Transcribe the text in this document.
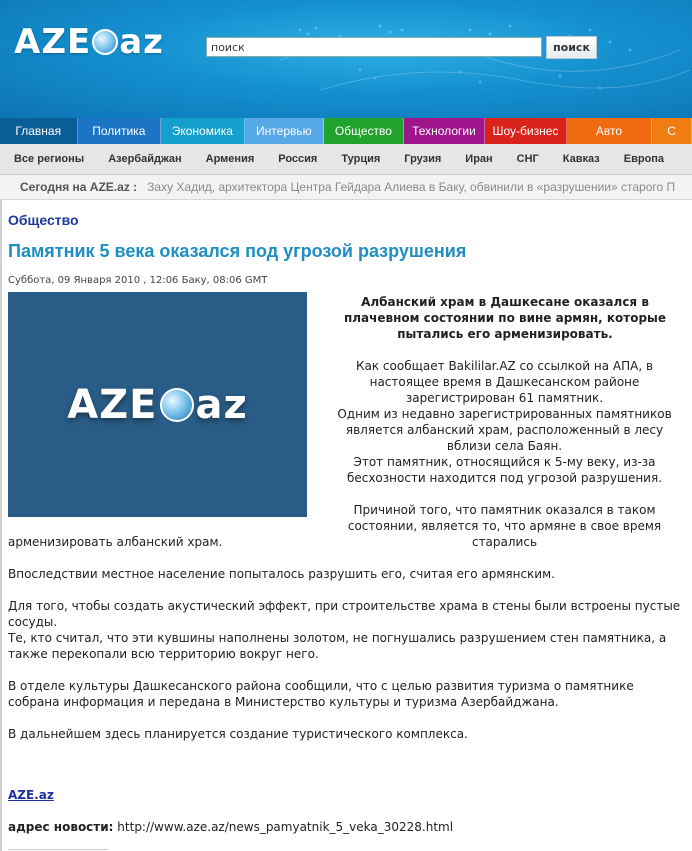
AZE az
поиск	поиск
Главная	Политика	Экономика	Интервью	Общество	Технологии	Шоу-бизнес	Авто	С
Все регионы Азербайджан Армения Россия Турция Грузия Иран СНГ Кавказ Европа
Сегодня на AZE.az : Заху Хадид, архитектора Центра Гейдара Алиева в Баку, обвинили в «разрушении» старого П
Общество
Памятник 5 века оказался под угрозой разрушения
Суббота, 09 Января 2010 , 12:06 Баку, 08:06 GMT
AZE az
Албанский храм в Дашкесане оказался в плачевном состоянии по вине армян, которые пытались его арменизировать.
Как сообщает Bakililar.AZ со ссылкой на АПА, в настоящее время в Дашкесанском районе зарегистрирован 61 памятник.
Одним из недавно зарегистрированных памятников является албанский храм, расположенный в лесу вблизи села Баян.
Этот памятник, относящийся к 5-му веку, из-за бесхозности находится под угрозой разрушения.
Причиной того, что памятник оказался в таком состоянии, является то, что армяне в свое время старались
арменизировать албанский храм.
Впоследствии местное население попыталось разрушить его, считая его армянским.
Для того, чтобы создать акустический эффект, при строительстве храма в стены были встроены пустые сосуды.
Те, кто считал, что эти кувшины наполнены золотом, не погнушались разрушением стен памятника, а также перекопали всю территорию вокруг него.
В отделе культуры Дашкесанского района сообщили, что с целью развития туризма о памятнике собрана информация и передана в Министерство культуры и туризма Азербайджана.
В дальнейшем здесь планируется создание туристического комплекса.
AZE.az
адрес новости: http://www.aze.az/news_pamyatnik_5_veka_30228.html
